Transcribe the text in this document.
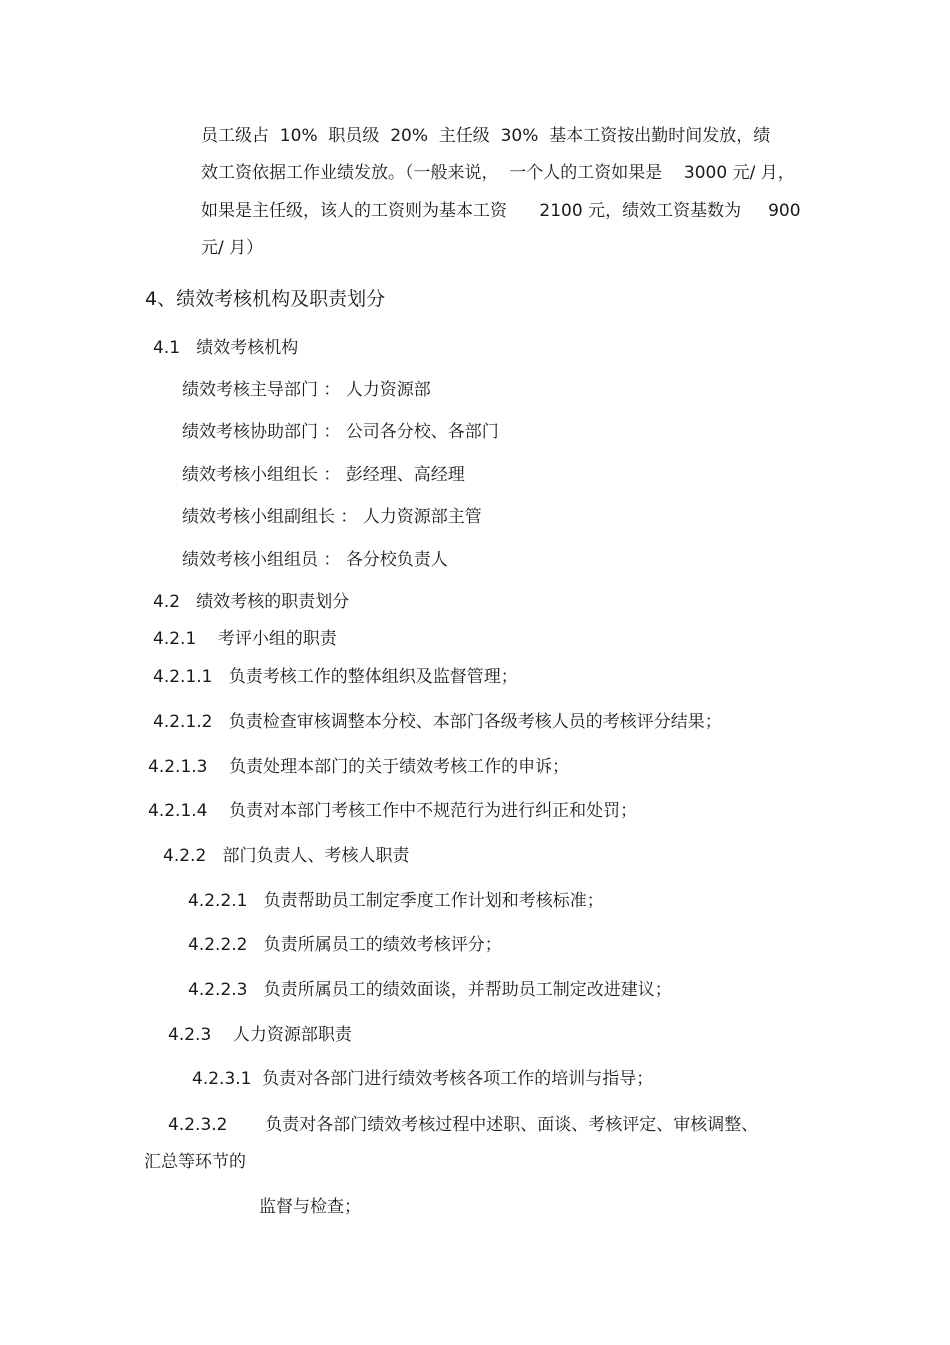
员工级占  10%  职员级  20%  主任级  30%  基本工资按出勤时间发放，绩
效工资依据工作业绩发放。（一般来说，  一个人的工资如果是    3000 元/ 月，
如果是主任级，该人的工资则为基本工资      2100 元，绩效工资基数为     900
元/ 月）
4、绩效考核机构及职责划分
4.1 绩效考核机构
绩效考核主导部门 ： 人力资源部
绩效考核协助部门 ： 公司各分校、各部门
绩效考核小组组长 ： 彭经理、高经理
绩效考核小组副组长 ： 人力资源部主管
绩效考核小组组员 ： 各分校负责人
4.2 绩效考核的职责划分
4.2.1 考评小组的职责
4.2.1.1 负责考核工作的整体组织及监督管理；
4.2.1.2 负责检查审核调整本分校、本部门各级考核人员的考核评分结果；
4.2.1.3 负责处理本部门的关于绩效考核工作的申诉；
4.2.1.4 负责对本部门考核工作中不规范行为进行纠正和处罚；
4.2.2 部门负责人、考核人职责
4.2.2.1 负责帮助员工制定季度工作计划和考核标准；
4.2.2.2 负责所属员工的绩效考核评分；
4.2.2.3 负责所属员工的绩效面谈，并帮助员工制定改进建议；
4.2.3 人力资源部职责
4.2.3.1 负责对各部门进行绩效考核各项工作的培训与指导；
4.2.3.2 负责对各部门绩效考核过程中述职、面谈、考核评定、审核调整、
汇总等环节的
监督与检查；
